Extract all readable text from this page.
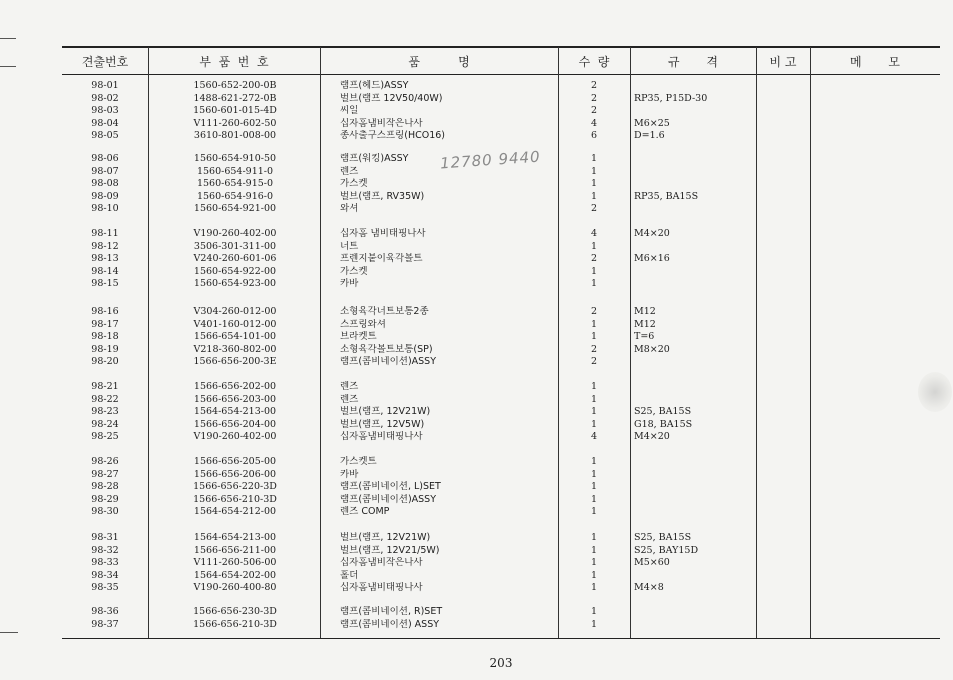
견출번호	부  품  번  호	품          명	수  량	규       격	비 고	메       모
98-01	1560-652-200-0B	램프(헤드)ASSY	2
98-02	1488-621-272-0B	벌브(램프 12V50/40W)	2	RP35, P15D-30
98-03	1560-601-015-4D	씨일	2
98-04	V111-260-602-50	십자홈냄비작은나사	4	M6×25
98-05	3610-801-008-00	종사출구스프링(HCO16)	6	D=1.6
98-06	1560-654-910-50	램프(워킹)ASSY	1
98-07	1560-654-911-0	렌즈	1
98-08	1560-654-915-0	가스켓	1
98-09	1560-654-916-0	벌브(램프, RV35W)	1	RP35, BA15S
98-10	1560-654-921-00	와셔	2
98-11	V190-260-402-00	십자홈 냄비태핑나사	4	M4×20
98-12	3506-301-311-00	너트	1
98-13	V240-260-601-06	프렌지붙이육각볼트	2	M6×16
98-14	1560-654-922-00	가스켓	1
98-15	1560-654-923-00	카바	1
98-16	V304-260-012-00	소형육각너트보통2종	2	M12
98-17	V401-160-012-00	스프링와셔	1	M12
98-18	1566-654-101-00	브라켓트	1	T=6
98-19	V218-360-802-00	소형육각볼트보통(SP)	2	M8×20
98-20	1566-656-200-3E	램프(콤비네이션)ASSY	2
98-21	1566-656-202-00	렌즈	1
98-22	1566-656-203-00	렌즈	1
98-23	1564-654-213-00	벌브(램프, 12V21W)	1	S25, BA15S
98-24	1566-656-204-00	벌브(램프, 12V5W)	1	G18, BA15S
98-25	V190-260-402-00	십자홈냄비태핑나사	4	M4×20
98-26	1566-656-205-00	가스켓트	1
98-27	1566-656-206-00	카바	1
98-28	1566-656-220-3D	램프(콤비네이션, L)SET	1
98-29	1566-656-210-3D	램프(콤비네이션)ASSY	1
98-30	1564-654-212-00	렌즈 COMP	1
98-31	1564-654-213-00	벌브(램프, 12V21W)	1	S25, BA15S
98-32	1566-656-211-00	벌브(램프, 12V21/5W)	1	S25, BAY15D
98-33	V111-260-506-00	십자홈냄비작은나사	1	M5×60
98-34	1564-654-202-00	홀더	1
98-35	V190-260-400-80	십자홈냄비태핑나사	1	M4×8
98-36	1566-656-230-3D	램프(콤비네이션, R)SET	1
98-37	1566-656-210-3D	램프(콤비네이션) ASSY	1
12780 9440
203
